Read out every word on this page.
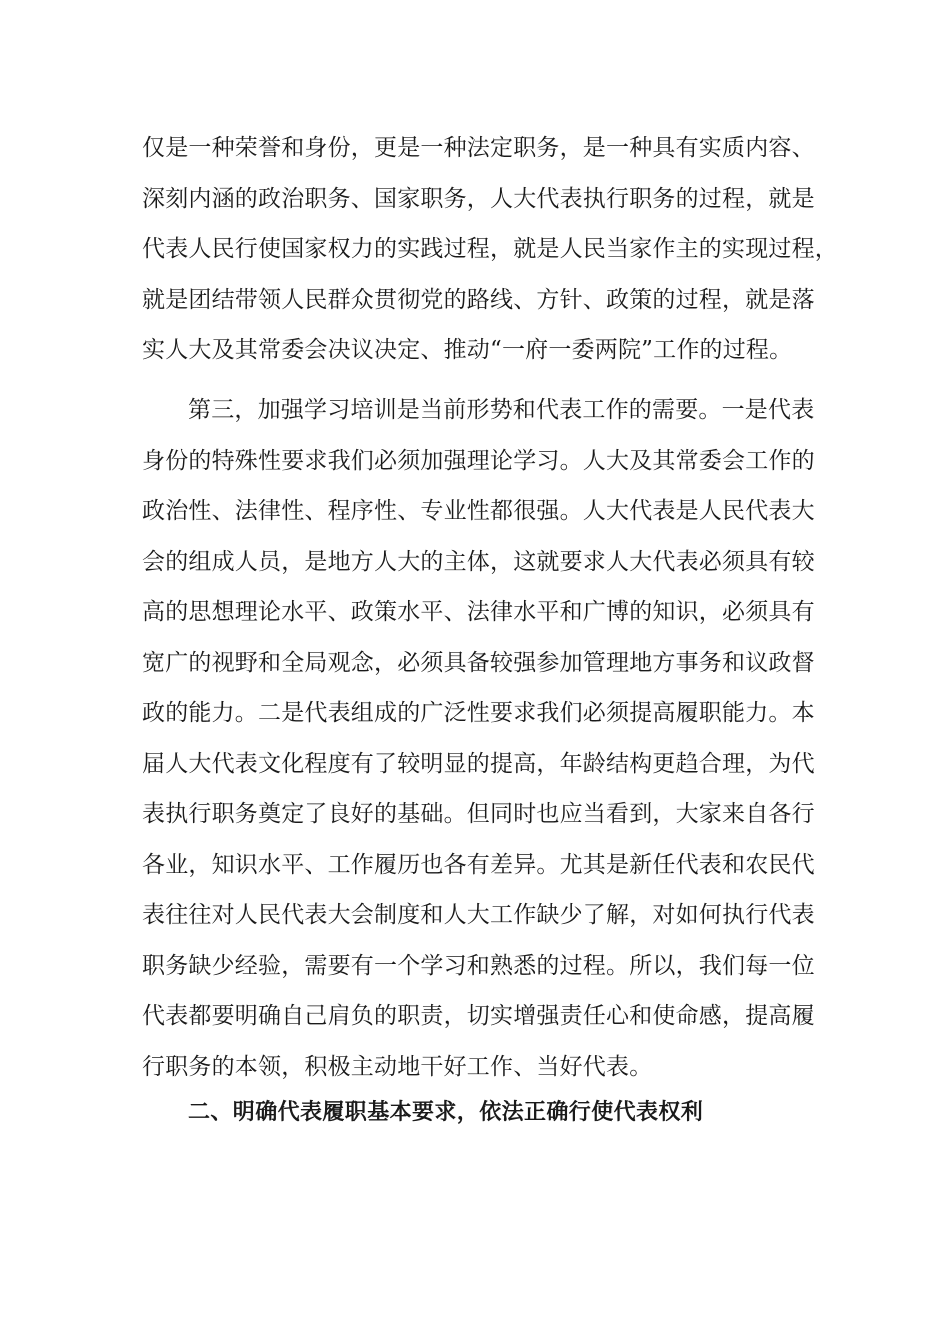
仅是一种荣誉和身份，更是一种法定职务，是一种具有实质内容、
深刻内涵的政治职务、国家职务，人大代表执行职务的过程，就是
代表人民行使国家权力的实践过程，就是人民当家作主的实现过程，
就是团结带领人民群众贯彻党的路线、方针、政策的过程，就是落
实人大及其常委会决议决定、推动“一府一委两院”工作的过程。
第三，加强学习培训是当前形势和代表工作的需要。一是代表
身份的特殊性要求我们必须加强理论学习。人大及其常委会工作的
政治性、法律性、程序性、专业性都很强。人大代表是人民代表大
会的组成人员，是地方人大的主体，这就要求人大代表必须具有较
高的思想理论水平、政策水平、法律水平和广博的知识，必须具有
宽广的视野和全局观念，必须具备较强参加管理地方事务和议政督
政的能力。二是代表组成的广泛性要求我们必须提高履职能力。本
届人大代表文化程度有了较明显的提高，年龄结构更趋合理，为代
表执行职务奠定了良好的基础。但同时也应当看到，大家来自各行
各业，知识水平、工作履历也各有差异。尤其是新任代表和农民代
表往往对人民代表大会制度和人大工作缺少了解，对如何执行代表
职务缺少经验，需要有一个学习和熟悉的过程。所以，我们每一位
代表都要明确自己肩负的职责，切实增强责任心和使命感，提高履
行职务的本领，积极主动地干好工作、当好代表。
二、明确代表履职基本要求，依法正确行使代表权利
